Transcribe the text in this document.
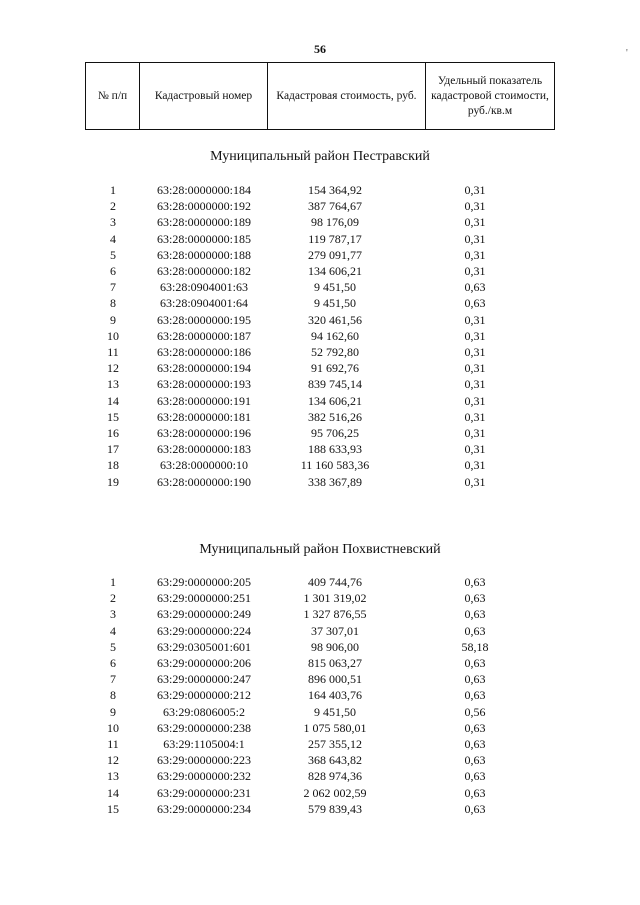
56	'
№ п/п	Кадастровый номер	Кадастровая стоимость, руб.	Удельный показатель кадастровой стоимости, руб./кв.м
Муниципальный район Пестравский
1	63:28:0000000:184	154 364,92	0,31
2	63:28:0000000:192	387 764,67	0,31
3	63:28:0000000:189	98 176,09	0,31
4	63:28:0000000:185	119 787,17	0,31
5	63:28:0000000:188	279 091,77	0,31
6	63:28:0000000:182	134 606,21	0,31
7	63:28:0904001:63	9 451,50	0,63
8	63:28:0904001:64	9 451,50	0,63
9	63:28:0000000:195	320 461,56	0,31
10	63:28:0000000:187	94 162,60	0,31
11	63:28:0000000:186	52 792,80	0,31
12	63:28:0000000:194	91 692,76	0,31
13	63:28:0000000:193	839 745,14	0,31
14	63:28:0000000:191	134 606,21	0,31
15	63:28:0000000:181	382 516,26	0,31
16	63:28:0000000:196	95 706,25	0,31
17	63:28:0000000:183	188 633,93	0,31
18	63:28:0000000:10	11 160 583,36	0,31
19	63:28:0000000:190	338 367,89	0,31
Муниципальный район Похвистневский
1	63:29:0000000:205	409 744,76	0,63
2	63:29:0000000:251	1 301 319,02	0,63
3	63:29:0000000:249	1 327 876,55	0,63
4	63:29:0000000:224	37 307,01	0,63
5	63:29:0305001:601	98 906,00	58,18
6	63:29:0000000:206	815 063,27	0,63
7	63:29:0000000:247	896 000,51	0,63
8	63:29:0000000:212	164 403,76	0,63
9	63:29:0806005:2	9 451,50	0,56
10	63:29:0000000:238	1 075 580,01	0,63
11	63:29:1105004:1	257 355,12	0,63
12	63:29:0000000:223	368 643,82	0,63
13	63:29:0000000:232	828 974,36	0,63
14	63:29:0000000:231	2 062 002,59	0,63
15	63:29:0000000:234	579 839,43	0,63
